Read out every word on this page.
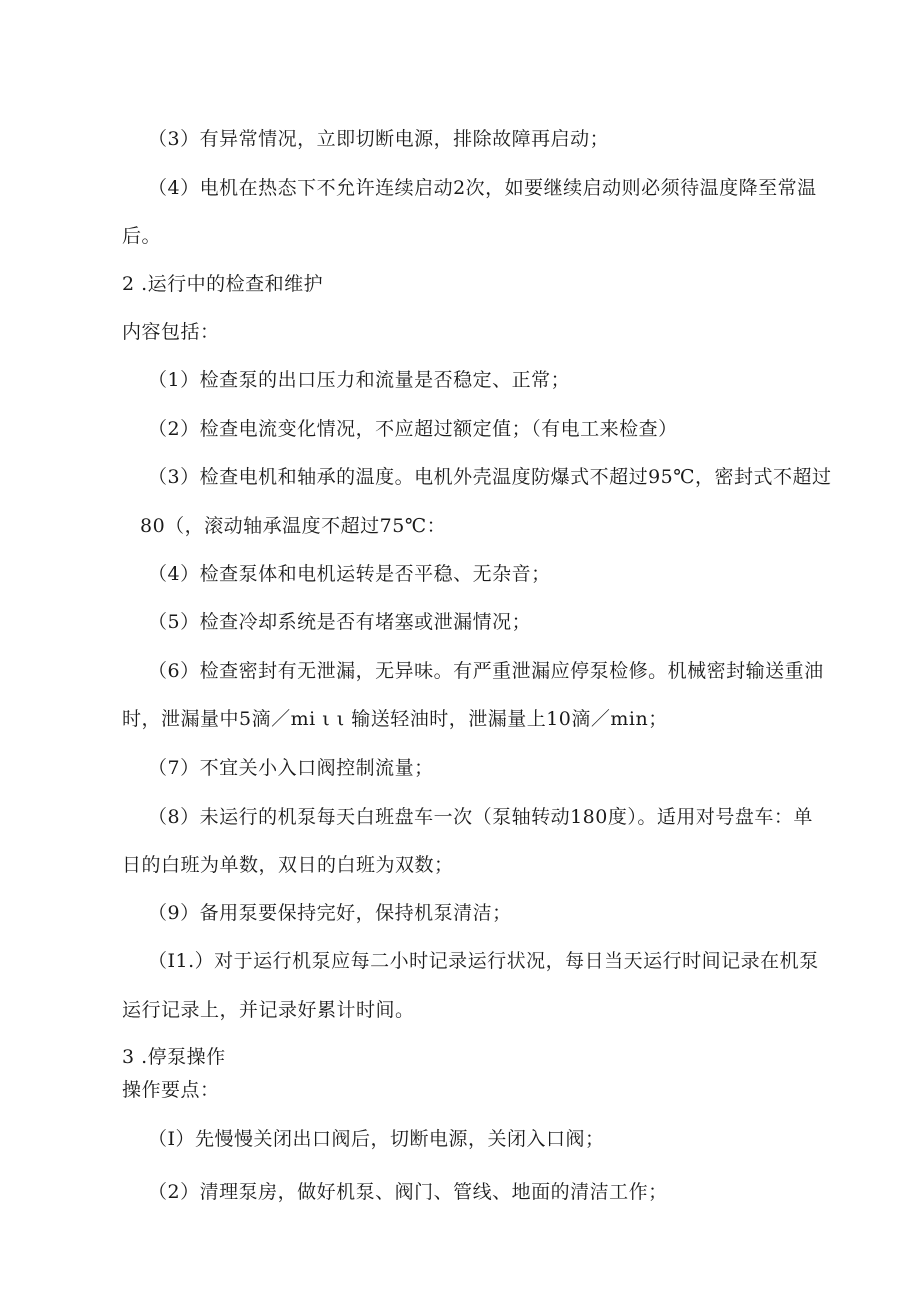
（3）有异常情况，立即切断电源，排除故障再启动；
（4）电机在热态下不允许连续启动2次，如要继续启动则必须待温度降至常温
后。
2 .运行中的检查和维护
内容包括：
（1）检查泵的出口压力和流量是否稳定、正常；
（2）检查电流变化情况，不应超过额定值；（有电工来检查）
（3）检查电机和轴承的温度。电机外壳温度防爆式不超过95℃，密封式不超过
80（，滚动轴承温度不超过75℃：
（4）检查泵体和电机运转是否平稳、无杂音；
（5）检查冷却系统是否有堵塞或泄漏情况；
（6）检查密封有无泄漏，无异味。有严重泄漏应停泵检修。机械密封输送重油
时，泄漏量中5滴／mi ι ι 输送轻油时，泄漏量上10滴／min；
（7）不宜关小入口阀控制流量；
（8）未运行的机泵每天白班盘车一次（泵轴转动180度）。适用对号盘车：单
日的白班为单数，双日的白班为双数；
（9）备用泵要保持完好，保持机泵清洁；
（I1.）对于运行机泵应每二小时记录运行状况，每日当天运行时间记录在机泵
运行记录上，并记录好累计时间。
3 .停泵操作
操作要点：
（I）先慢慢关闭出口阀后，切断电源，关闭入口阀；
（2）清理泵房，做好机泵、阀门、管线、地面的清洁工作；
